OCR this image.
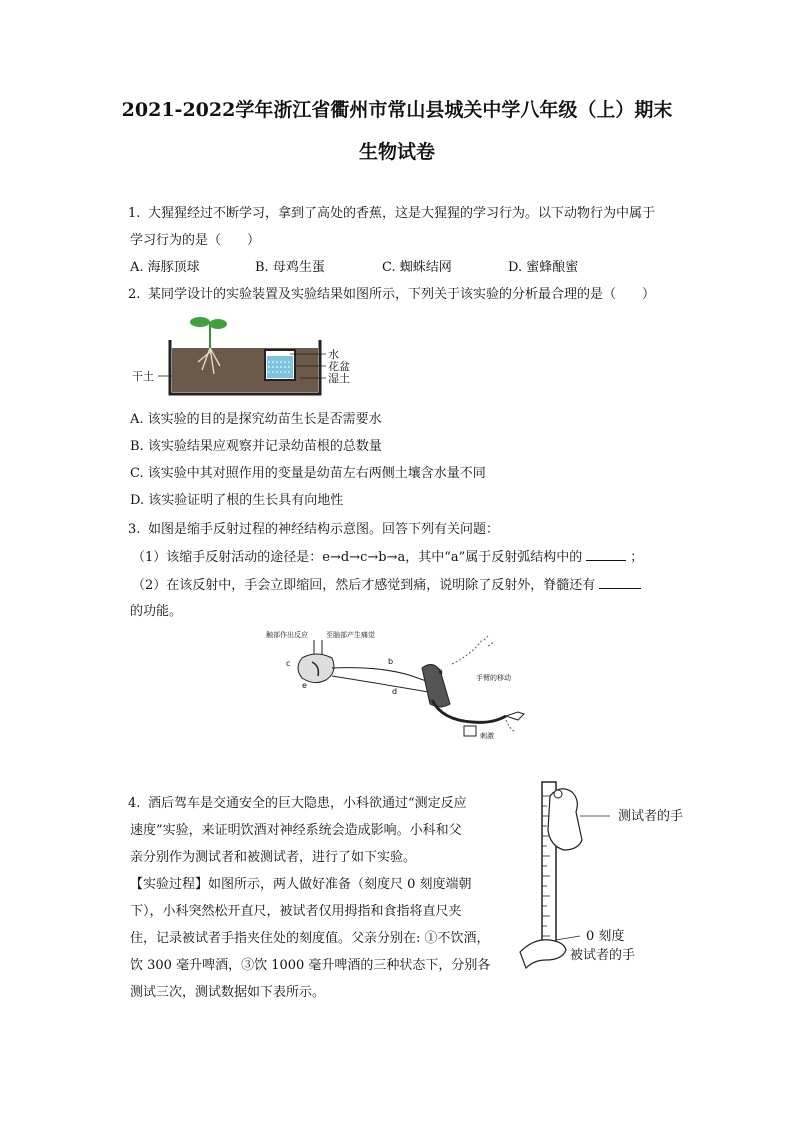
2021-2022学年浙江省衢州市常山县城关中学八年级（上）期末
生物试卷
1. 大猩猩经过不断学习，拿到了高处的香蕉，这是大猩猩的学习行为。以下动物行为中属于
学习行为的是（　　）
A. 海豚顶球	B. 母鸡生蛋	C. 蜘蛛结网	D. 蜜蜂酿蜜
2. 某同学设计的实验装置及实验结果如图所示，下列关于该实验的分析最合理的是（　　）
水
花盆
湿土
干土
A. 该实验的目的是探究幼苗生长是否需要水
B. 该实验结果应观察并记录幼苗根的总数量
C. 该实验中其对照作用的变量是幼苗左右两侧土壤含水量不同
D. 该实验证明了根的生长具有向地性
3. 如图是缩手反射过程的神经结构示意图。回答下列有关问题：
（1）该缩手反射活动的途径是：e→d→c→b→a，其中“a”属于反射弧结构中的	；
（2）在该反射中，手会立即缩回，然后才感觉到痛，说明除了反射外，脊髓还有
的功能。
触部作出反应	至脑部产生痛觉
c
e
b
d
a
手臂的移动
刺激
4. 酒后驾车是交通安全的巨大隐患，小科欲通过“测定反应
速度”实验，来证明饮酒对神经系统会造成影响。小科和父
亲分别作为测试者和被测试者，进行了如下实验。
【实验过程】如图所示，两人做好准备（刻度尺 0 刻度端朝
下），小科突然松开直尺，被试者仅用拇指和食指将直尺夹
住，记录被试者手指夹住处的刻度值。父亲分别在: ①不饮酒，
饮 300 毫升啤酒，③饮 1000 毫升啤酒的三种状态下，分别各
测试三次，测试数据如下表所示。
测试者的手
0 刻度
被试者的手
